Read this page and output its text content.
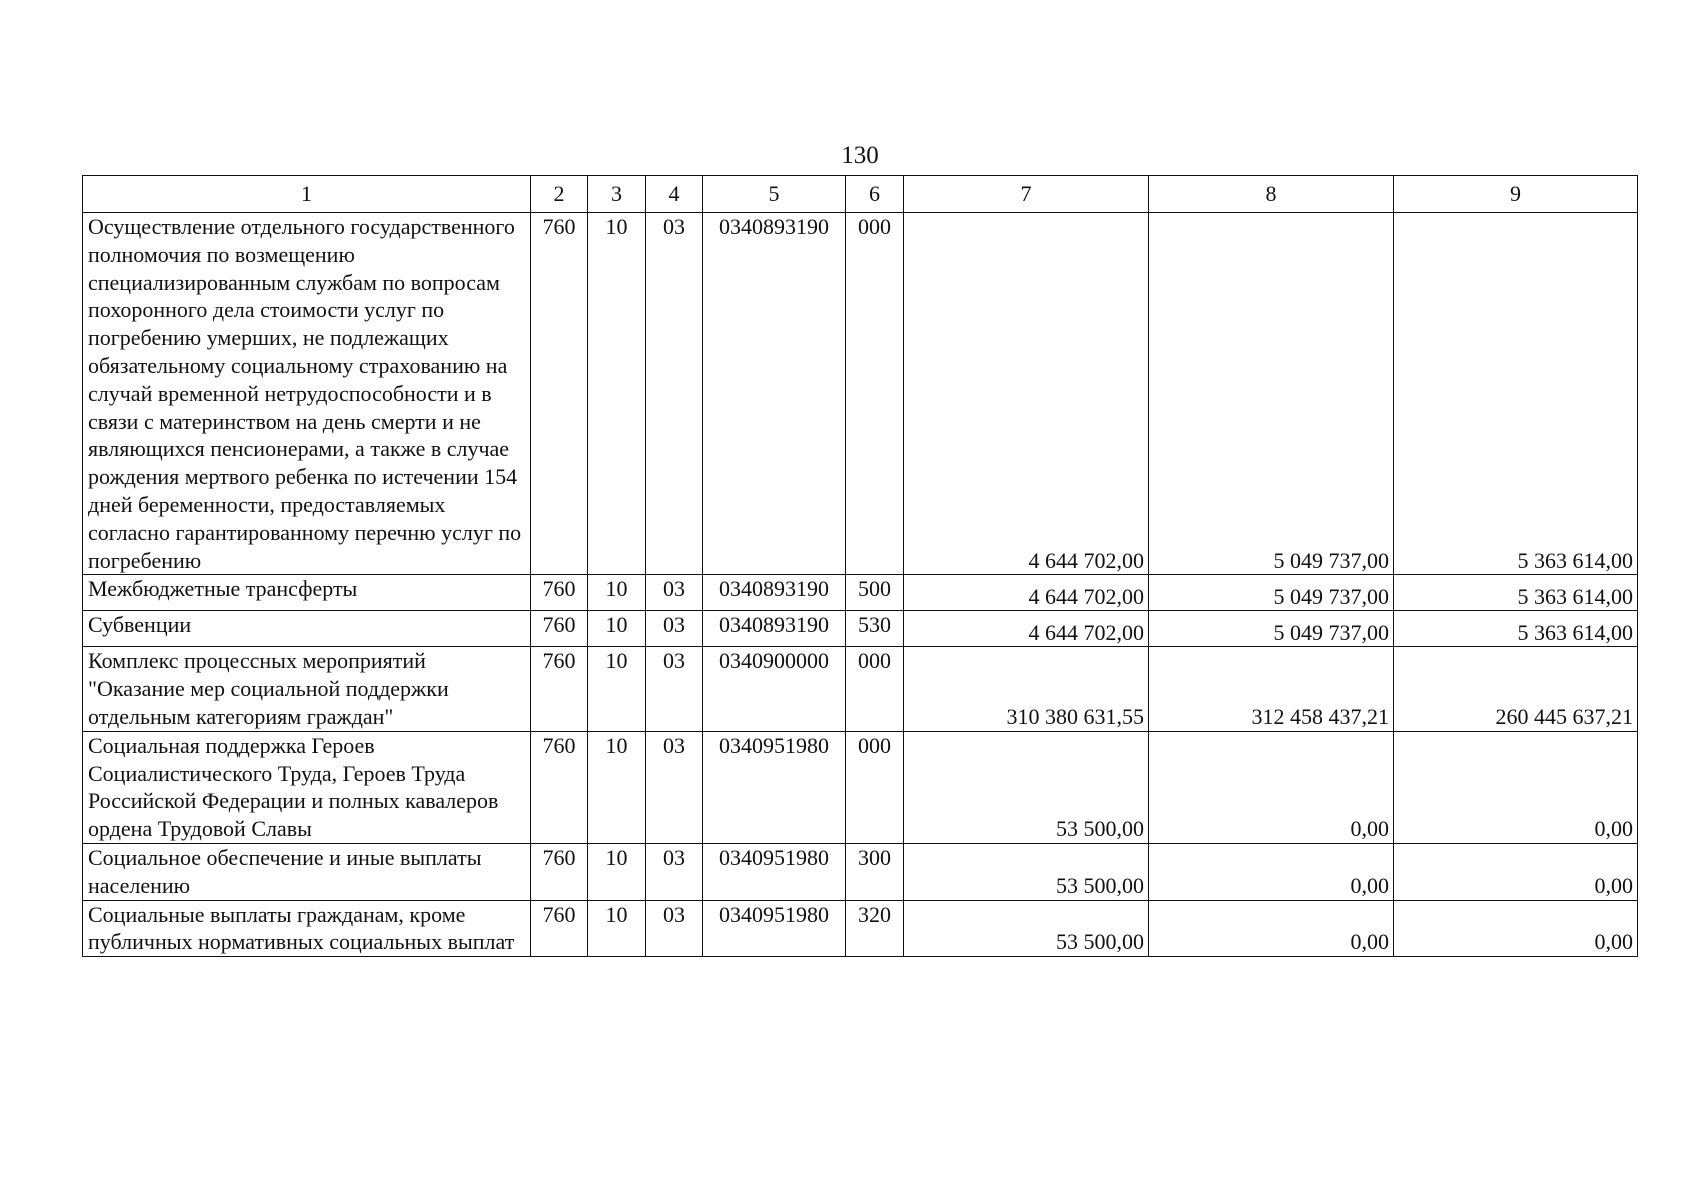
130
1	2	3	4	5	6	7	8	9
Осуществление отдельного государственного полномочия по возмещению специализированным службам по вопросам похоронного дела стоимости услуг по погребению умерших, не подлежащих обязательному социальному страхованию на случай временной нетрудоспособности и в связи с материнством на день смерти и не являющихся пенсионерами, а также в случае рождения мертвого ребенка по истечении 154 дней беременности, предоставляемых согласно гарантированному перечню услуг по погребению	760	10	03	0340893190	000	4 644 702,00	5 049 737,00	5 363 614,00
Межбюджетные трансферты	760	10	03	0340893190	500	4 644 702,00	5 049 737,00	5 363 614,00
Субвенции	760	10	03	0340893190	530	4 644 702,00	5 049 737,00	5 363 614,00
Комплекс процессных мероприятий "Оказание мер социальной поддержки отдельным категориям граждан"	760	10	03	0340900000	000	310 380 631,55	312 458 437,21	260 445 637,21
Социальная поддержка Героев Социалистического Труда, Героев Труда Российской Федерации и полных кавалеров ордена Трудовой Славы	760	10	03	0340951980	000	53 500,00	0,00	0,00
Социальное обеспечение и иные выплаты населению	760	10	03	0340951980	300	53 500,00	0,00	0,00
Социальные выплаты гражданам, кроме публичных нормативных социальных выплат	760	10	03	0340951980	320	53 500,00	0,00	0,00
